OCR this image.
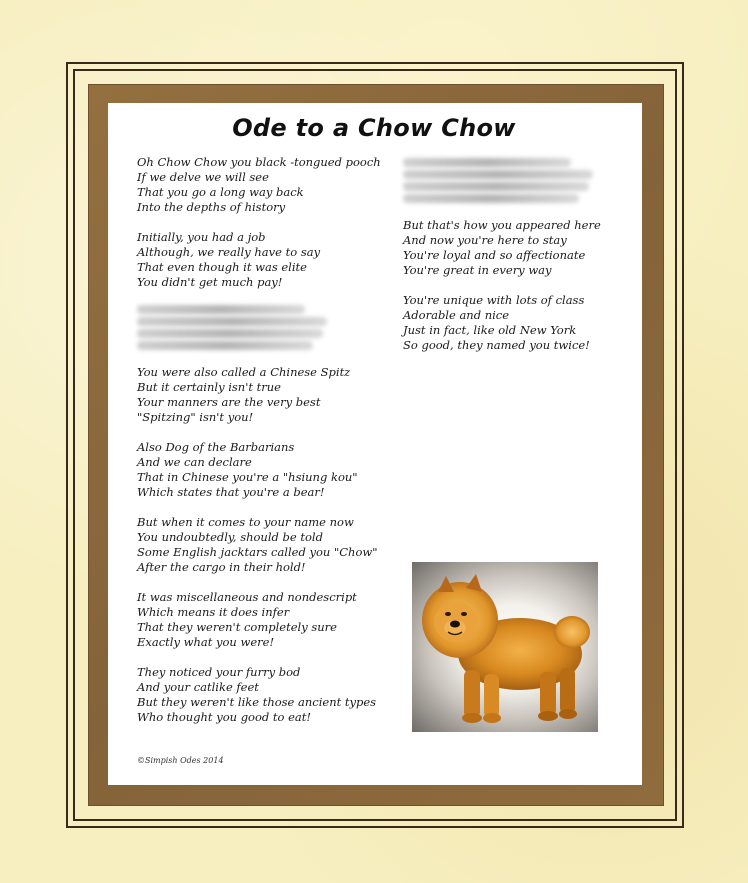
Ode to a Chow Chow
Oh Chow Chow you black -tongued pooch
If we delve we will see
That you go a long way back
Into the depths of history
Initially, you had a job
Although, we really have to say
That even though it was elite
You didn't get much pay!
You were also called a Chinese Spitz
But it certainly isn't true
Your manners are the very best
"Spitzing" isn't you!
Also Dog of the Barbarians
And we can declare
That in Chinese you're a "hsiung kou"
Which states that you're a bear!
But when it comes to your name now
You undoubtedly, should be told
Some English jacktars called you "Chow"
After the cargo in their hold!
It was miscellaneous and nondescript
Which means it does infer
That they weren't completely sure
Exactly what you were!
They noticed your furry bod
And your catlike feet
But they weren't like those ancient types
Who thought you good to eat!
But that's how you appeared here
And now you're here to stay
You're loyal and so affectionate
You're great in every way
You're unique with lots of class
Adorable and nice
Just in fact, like old New York
So good, they named you twice!
©Simpish Odes 2014
